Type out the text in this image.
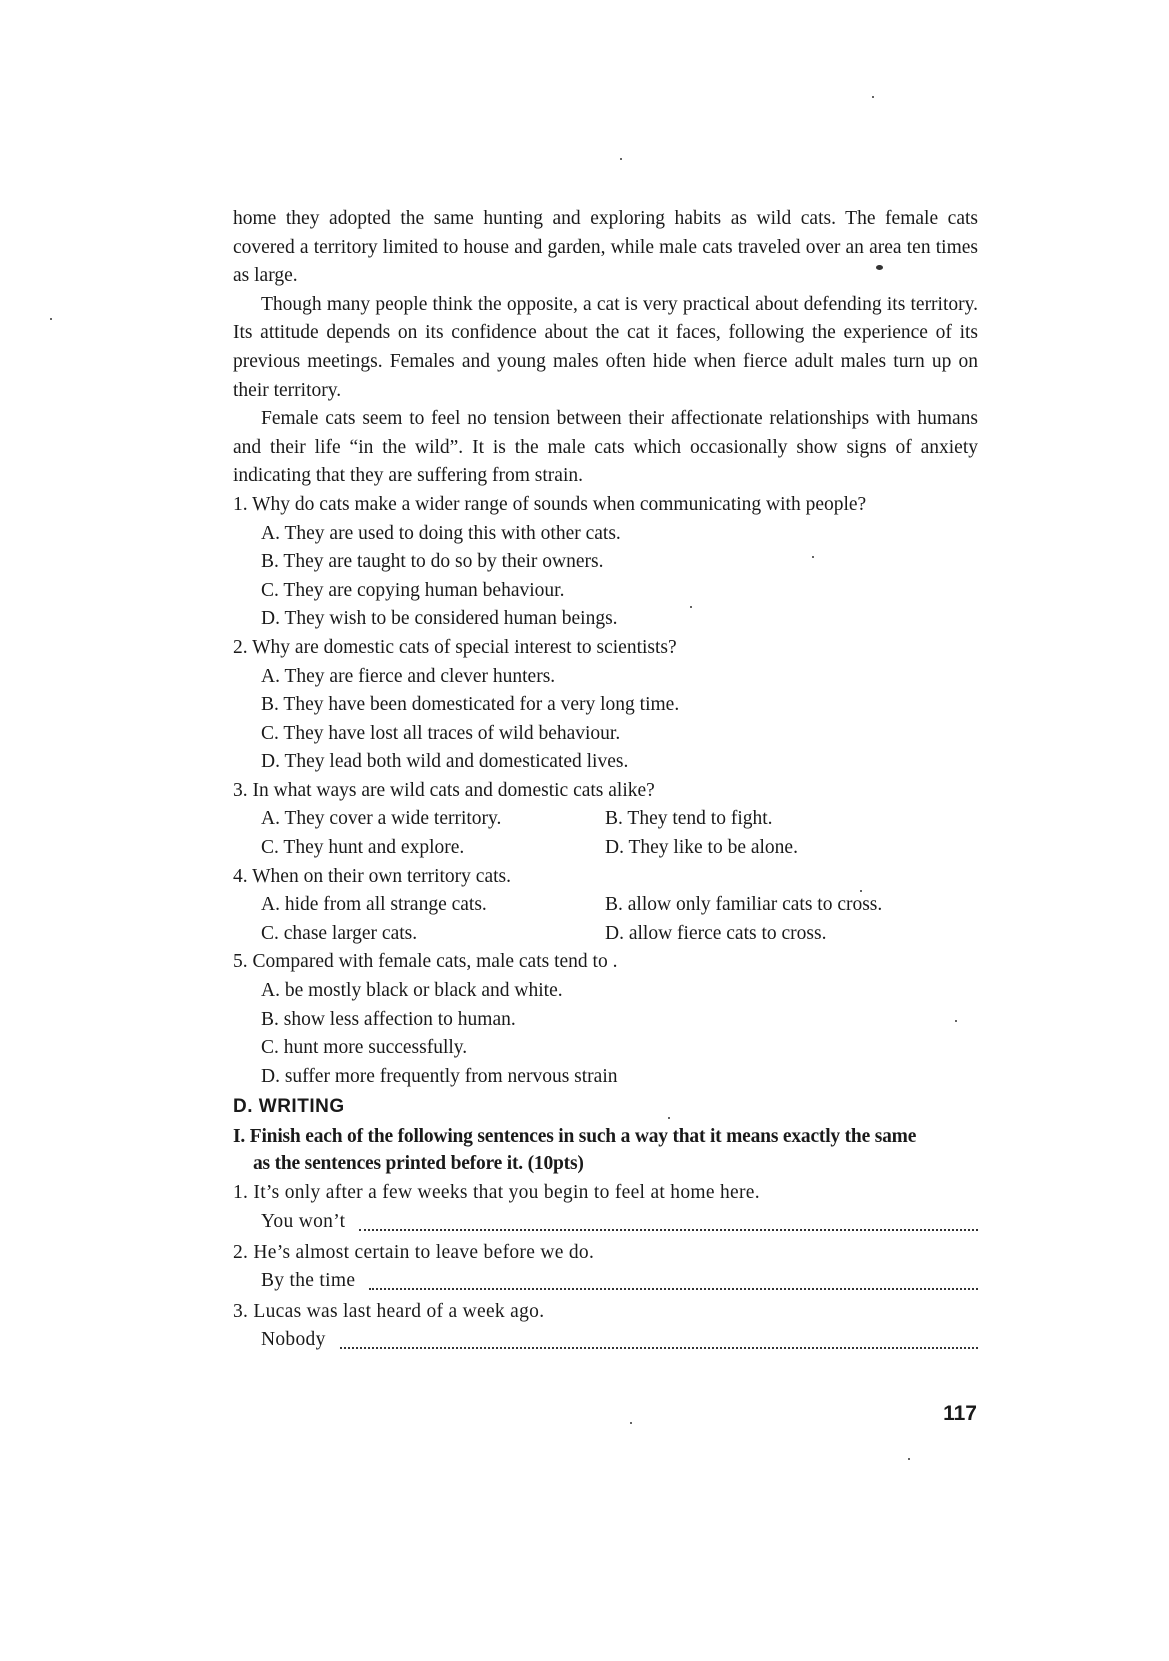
home they adopted the same hunting and exploring habits as wild cats. The female cats covered a territory limited to house and garden, while male cats traveled over an area ten times as large.

Though many people think the opposite, a cat is very practical about defending its territory. Its attitude depends on its confidence about the cat it faces, following the experience of its previous meetings. Females and young males often hide when fierce adult males turn up on their territory.

Female cats seem to feel no tension between their affectionate relationships with humans and their life “in the wild”. It is the male cats which occasionally show signs of anxiety indicating that they are suffering from strain.

1. Why do cats make a wider range of sounds when communicating with people?

A. They are used to doing this with other cats.

B. They are taught to do so by their owners.

C. They are copying human behaviour.

D. They wish to be considered human beings.

2. Why are domestic cats of special interest to scientists?

A. They are fierce and clever hunters.

B. They have been domesticated for a very long time.

C. They have lost all traces of wild behaviour.

D. They lead both wild and domesticated lives.

3. In what ways are wild cats and domestic cats alike?

A. They cover a wide territory.	B. They tend to fight.
C. They hunt and explore.	D. They like to be alone.

4. When on their own territory cats.

A. hide from all strange cats.	B. allow only familiar cats to cross.
C. chase larger cats.	D. allow fierce cats to cross.

5. Compared with female cats, male cats tend to .

A. be mostly black or black and white.

B. show less affection to human.

C. hunt more successfully.

D. suffer more frequently from nervous strain

D. WRITING

I. Finish each of the following sentences in such a way that it means exactly the same
as the sentences printed before it. (10pts)

1. It’s only after a few weeks that you begin to feel at home here.

You won’t

2. He’s almost certain to leave before we do.

By the time

3. Lucas was last heard of a week ago.

Nobody
117
